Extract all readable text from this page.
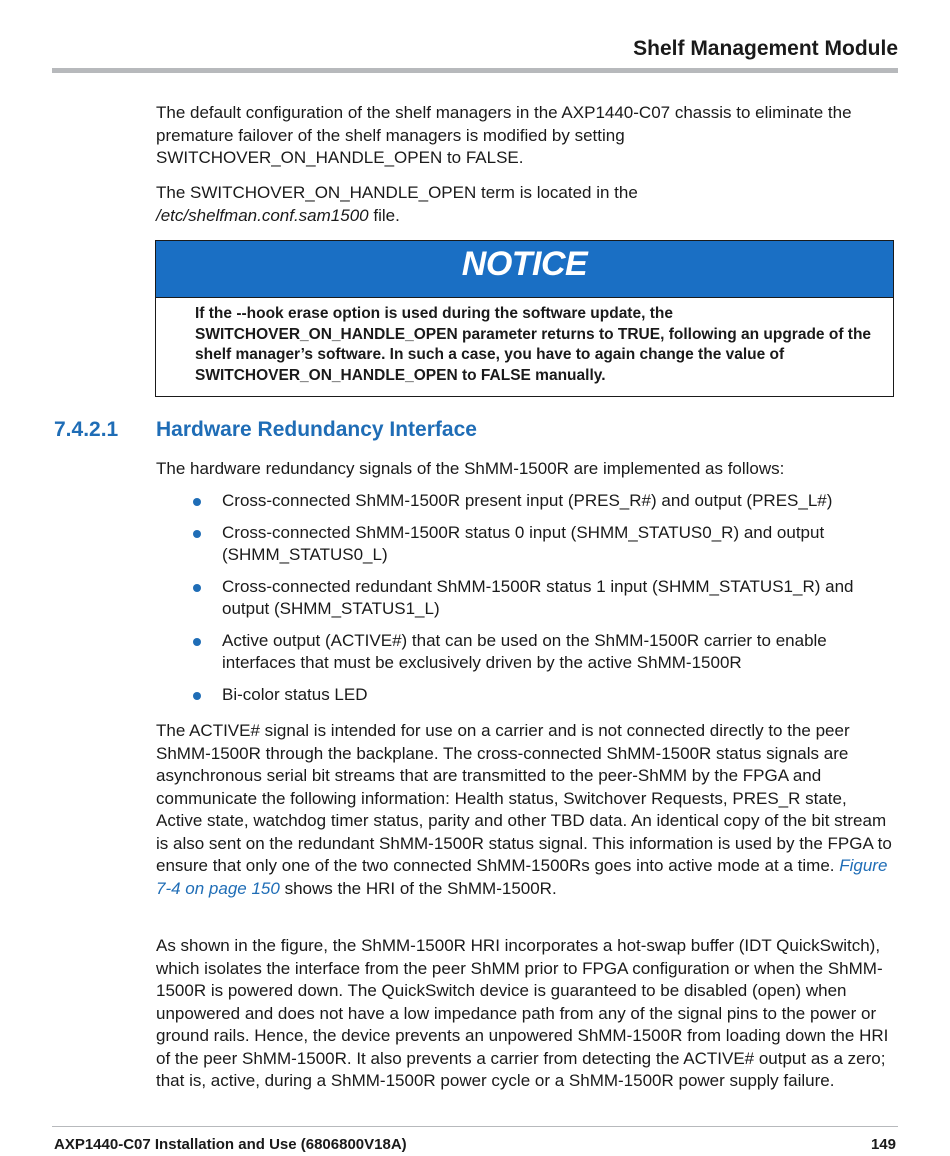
Shelf Management Module
The default configuration of the shelf managers in the AXP1440-C07 chassis to eliminate the premature failover of the shelf managers is modified by setting SWITCHOVER_ON_HANDLE_OPEN to FALSE.
The SWITCHOVER_ON_HANDLE_OPEN term is located in the
/etc/shelfman.conf.sam1500 file.
NOTICE
If the --hook erase option is used during the software update, the SWITCHOVER_ON_HANDLE_OPEN parameter returns to TRUE, following an upgrade of the shelf manager’s software. In such a case, you have to again change the value of SWITCHOVER_ON_HANDLE_OPEN to FALSE manually.
7.4.2.1 Hardware Redundancy Interface
The hardware redundancy signals of the ShMM-1500R are implemented as follows:
Cross-connected ShMM-1500R present input (PRES_R#) and output (PRES_L#)
Cross-connected ShMM-1500R status 0 input (SHMM_STATUS0_R) and output (SHMM_STATUS0_L)
Cross-connected redundant ShMM-1500R status 1 input (SHMM_STATUS1_R) and output (SHMM_STATUS1_L)
Active output (ACTIVE#) that can be used on the ShMM-1500R carrier to enable interfaces that must be exclusively driven by the active ShMM-1500R
Bi-color status LED
The ACTIVE# signal is intended for use on a carrier and is not connected directly to the peer ShMM-1500R through the backplane. The cross-connected ShMM-1500R status signals are asynchronous serial bit streams that are transmitted to the peer-ShMM by the FPGA and communicate the following information: Health status, Switchover Requests, PRES_R state, Active state, watchdog timer status, parity and other TBD data. An identical copy of the bit stream is also sent on the redundant ShMM-1500R status signal. This information is used by the FPGA to ensure that only one of the two connected ShMM-1500Rs goes into active mode at a time. Figure 7-4 on page 150 shows the HRI of the ShMM-1500R.
As shown in the figure, the ShMM-1500R HRI incorporates a hot-swap buffer (IDT QuickSwitch), which isolates the interface from the peer ShMM prior to FPGA configuration or when the ShMM-1500R is powered down. The QuickSwitch device is guaranteed to be disabled (open) when unpowered and does not have a low impedance path from any of the signal pins to the power or ground rails. Hence, the device prevents an unpowered ShMM-1500R from loading down the HRI of the peer ShMM-1500R. It also prevents a carrier from detecting the ACTIVE# output as a zero; that is, active, during a ShMM-1500R power cycle or a ShMM-1500R power supply failure.
AXP1440-C07 Installation and Use (6806800V18A)	149
